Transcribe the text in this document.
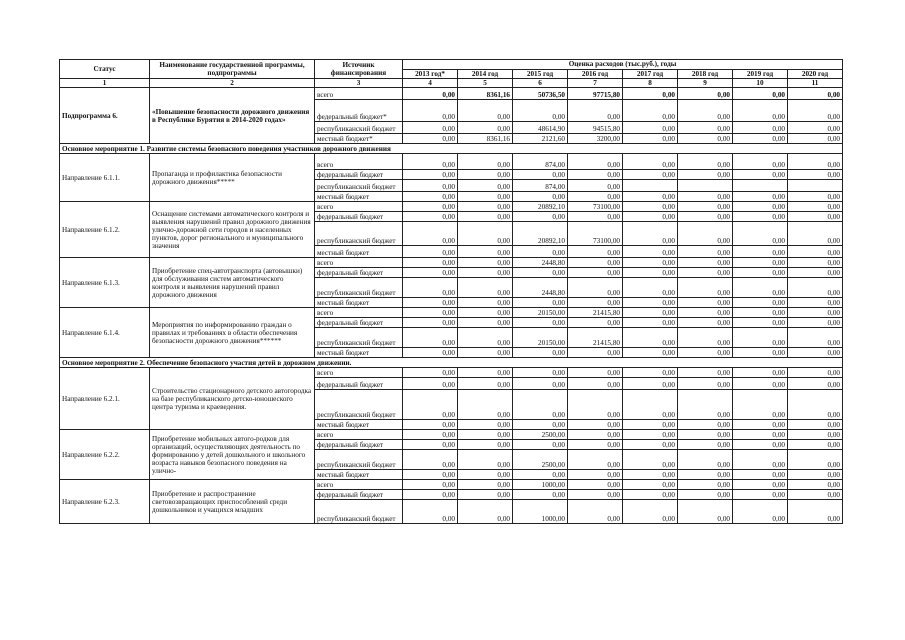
Статус	Наименование государственной программы, подпрограммы	Источник финансирования	Оценка расходов (тыс.руб.), годы							
			2013 год*	2014 год	2015 год	2016 год	2017 год	2018 год	2019 год	2020 год
1	2	3	4	5	6	7	8	9	10	11
Подпрограмма 6.	«Повышение безопасности дорожного движения в Республике Бурятия в 2014-2020 годах»	всего	0,00	8361,16	50736,50	97715,80	0,00	0,00	0,00	0,00
		федеральный бюджет*	0,00	0,00	0,00	0,00	0,00	0,00	0,00	0,00
		республиканский бюджет	0,00	0,00	48614,90	94515,80	0,00	0,00	0,00	0,00
		местный бюджет*	0,00	8361,16	2121,60	3200,00	0,00	0,00	0,00	0,00
Основное мероприятие 1. Развитие системы безопасного поведения участников дорожного движения										
Направление 6.1.1.	Пропаганда и профилактика безопасности дорожного движения*****	всего	0,00	0,00	874,00	0,00	0,00	0,00	0,00	0,00
		федеральный бюджет	0,00	0,00	0,00	0,00	0,00	0,00	0,00	0,00
		республиканский бюджет	0,00	0,00	874,00	0,00				
		местный бюджет	0,00	0,00	0,00	0,00	0,00	0,00	0,00	0,00
Направление 6.1.2.	Оснащение системами автоматического контроля и выявления нарушений правил дорожного движения улично-дорожной сети городов и населенных пунктов, дорог регионального и муниципального значения	всего	0,00	0,00	20892,10	73100,00	0,00	0,00	0,00	0,00
		федеральный бюджет	0,00	0,00	0,00	0,00	0,00	0,00	0,00	0,00
		республиканский бюджет	0,00	0,00	20892,10	73100,00	0,00	0,00	0,00	0,00
		местный бюджет	0,00	0,00	0,00	0,00	0,00	0,00	0,00	0,00
Направление 6.1.3.	Приобретение спец-автотранспорта (автовышки) для обслуживания систем автоматического контроля и выявления нарушений правил дорожного движения	всего	0,00	0,00	2448,80	0,00	0,00	0,00	0,00	0,00
		федеральный бюджет	0,00	0,00	0,00	0,00	0,00	0,00	0,00	0,00
		республиканский бюджет	0,00	0,00	2448,80	0,00	0,00	0,00	0,00	0,00
		местный бюджет	0,00	0,00	0,00	0,00	0,00	0,00	0,00	0,00
Направление 6.1.4.	Мероприятия по информированию граждан о правилах и требованиях в области обеспечения безопасности дорожного движения******	всего	0,00	0,00	20150,00	21415,80	0,00	0,00	0,00	0,00
		федеральный бюджет	0,00	0,00	0,00	0,00	0,00	0,00	0,00	0,00
		республиканский бюджет	0,00	0,00	20150,00	21415,80	0,00	0,00	0,00	0,00
		местный бюджет	0,00	0,00	0,00	0,00	0,00	0,00	0,00	0,00
Основное мероприятие 2. Обеспечение безопасного участия детей в дорожном движении.										
Направление 6.2.1.	Строительство стационарного детского автогородка на базе республиканского детско-юношеского центра туризма и краеведения.	всего	0,00	0,00	0,00	0,00	0,00	0,00	0,00	0,00
		федеральный бюджет	0,00	0,00	0,00	0,00	0,00	0,00	0,00	0,00
		республиканский бюджет	0,00	0,00	0,00	0,00	0,00	0,00	0,00	0,00
		местный бюджет	0,00	0,00	0,00	0,00	0,00	0,00	0,00	0,00
Направление 6.2.2.	Приобретение мобильных автого-родков для организаций, осуществляющих деятельность по формированию у детей дошкольного и школьного возраста навыков безопасного поведения на улично-	всего	0,00	0,00	2500,00	0,00	0,00	0,00	0,00	0,00
		федеральный бюджет	0,00	0,00	0,00	0,00	0,00	0,00	0,00	0,00
		республиканский бюджет	0,00	0,00	2500,00	0,00	0,00	0,00	0,00	0,00
		местный бюджет	0,00	0,00	0,00	0,00	0,00	0,00	0,00	0,00
Направление 6.2.3.	Приобретение и распространение световозвращающих приспособлений среди дошкольников и учащихся младших	всего	0,00	0,00	1000,00	0,00	0,00	0,00	0,00	0,00
		федеральный бюджет	0,00	0,00	0,00	0,00	0,00	0,00	0,00	0,00
		республиканский бюджет	0,00	0,00	1000,00	0,00	0,00	0,00	0,00	0,00
